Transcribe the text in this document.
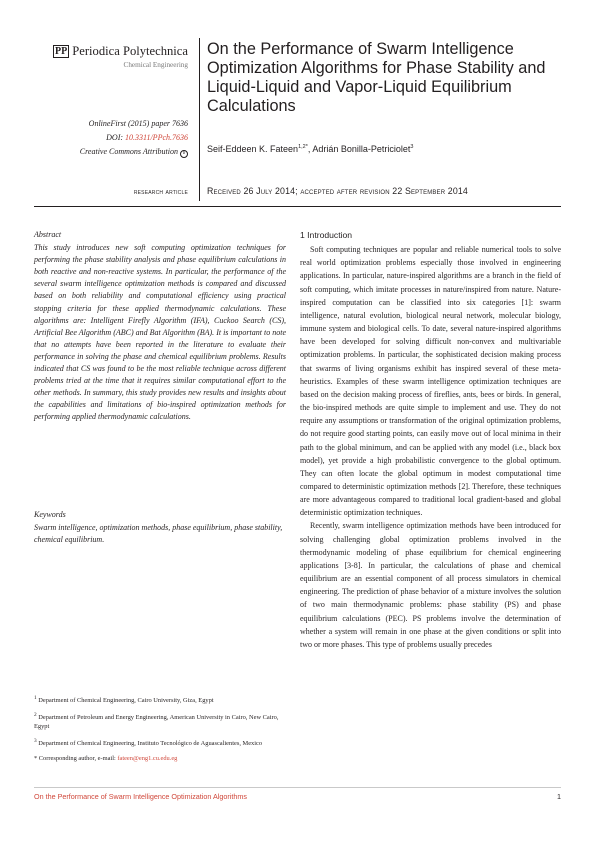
PP Periodica Polytechnica
Chemical Engineering
OnlineFirst (2015) paper 7636
DOI: 10.3311/PPch.7636
Creative Commons Attribution b
On the Performance of Swarm Intelligence Optimization Algorithms for Phase Stability and Liquid-Liquid and Vapor-Liquid Equilibrium Calculations
Seif-Eddeen K. Fateen$^{1,2*}$, Adrián Bonilla-Petriciolet$^3$
research article Received 26 July 2014; accepted after revision 22 September 2014
Abstract
This study introduces new soft computing optimization techniques for performing the phase stability analysis and phase equilibrium calculations in both reactive and non-reactive systems. In particular, the performance of the several swarm intelligence optimization methods is compared and discussed based on both reliability and computational efficiency using practical stopping criteria for these applied thermodynamic calculations. These algorithms are: Intelligent Firefly Algorithm (IFA), Cuckoo Search (CS), Artificial Bee Algorithm (ABC) and Bat Algorithm (BA). It is important to note that no attempts have been reported in the literature to evaluate their performance in solving the phase and chemical equilibrium problems. Results indicated that CS was found to be the most reliable technique across different problems tried at the time that it requires similar computational effort to the other methods. In summary, this study provides new results and insights about the capabilities and limitations of bio-inspired optimization methods for performing applied thermodynamic calculations.
Keywords
Swarm intelligence, optimization methods, phase equilibrium, phase stability, chemical equilibrium.
$^1$ Department of Chemical Engineering, Cairo University, Giza, Egypt
$^2$ Department of Petroleum and Energy Engineering, American University in Cairo, New Cairo, Egypt
$^3$ Department of Chemical Engineering, Instituto Tecnológico de Aguascalientes, Mexico
* Corresponding author, e-mail: fateen@eng1.cu.edu.eg
1 Introduction

Soft computing techniques are popular and reliable numerical tools to solve real world optimization problems especially those involved in engineering applications. In particular, nature-inspired algorithms are a branch in the field of soft computing, which imitate processes in nature/inspired from nature. Nature-inspired computation can be classified into six categories [1]: swarm intelligence, natural evolution, biological neural network, molecular biology, immune system and biological cells. To date, several nature-inspired algorithms have been developed for solving difficult non-convex and multivariable optimization problems. In particular, the sophisticated decision making process that swarms of living organisms exhibit has inspired several of these meta-heuristics. Examples of these swarm intelligence optimization techniques are based on the decision making process of fireflies, ants, bees or birds. In general, the bio-inspired methods are quite simple to implement and use. They do not require any assumptions or transformation of the original optimization problems, do not require good starting points, can easily move out of local minima in their path to the global minimum, and can be applied with any model (i.e., black box model), yet provide a high probabilistic convergence to the global optimum. They can often locate the global optimum in modest computational time compared to deterministic optimization methods [2]. Therefore, these techniques are more advantageous compared to traditional local gradient-based and global deterministic optimization techniques.

Recently, swarm intelligence optimization methods have been introduced for solving challenging global optimization problems involved in the thermodynamic modeling of phase equilibrium for chemical engineering applications [3-8]. In particular, the calculations of phase and chemical equilibrium are an essential component of all process simulators in chemical engineering. The prediction of phase behavior of a mixture involves the solution of two main thermodynamic problems: phase stability (PS) and phase equilibrium calculations (PEC). PS problems involve the determination of whether a system will remain in one phase at the given conditions or split into two or more phases. This type of problems usually precedes

On the Performance of Swarm Intelligence Optimization Algorithms	1
